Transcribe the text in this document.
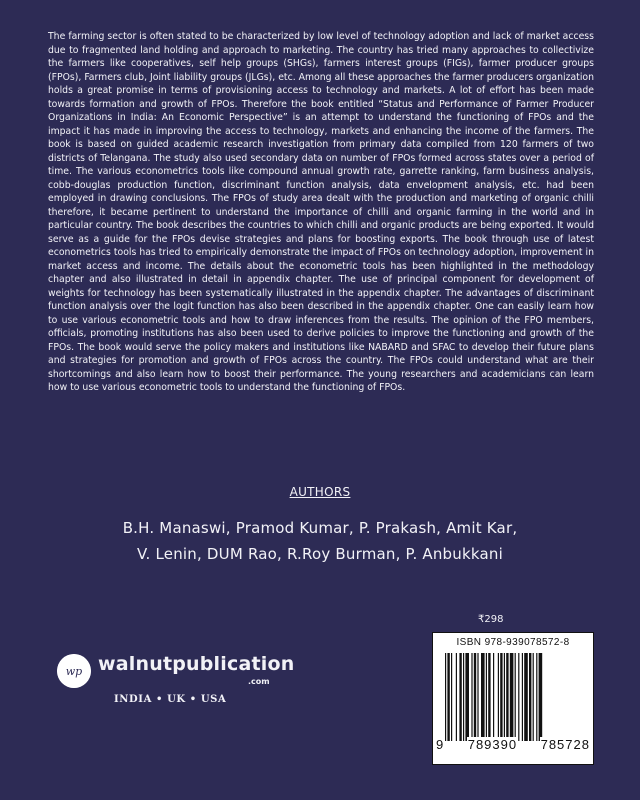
The farming sector is often stated to be characterized by low level of technology adoption and lack of market access due to fragmented land holding and approach to marketing. The country has tried many approaches to collectivize the farmers like cooperatives, self help groups (SHGs), farmers interest groups (FIGs), farmer producer groups (FPOs), Farmers club, Joint liability groups (JLGs), etc. Among all these approaches the farmer producers organization holds a great promise in terms of provisioning access to technology and markets. A lot of effort has been made towards formation and growth of FPOs. Therefore the book entitled “Status and Performance of Farmer Producer Organizations in India: An Economic Perspective” is an attempt to understand the functioning of FPOs and the impact it has made in improving the access to technology, markets and enhancing the income of the farmers. The book is based on guided academic research investigation from primary data compiled from 120 farmers of two districts of Telangana. The study also used secondary data on number of FPOs formed across states over a period of time. The various econometrics tools like compound annual growth rate, garrette ranking, farm business analysis, cobb-douglas production function, discriminant function analysis, data envelopment analysis, etc. had been employed in drawing conclusions. The FPOs of study area dealt with the production and marketing of organic chilli therefore, it became pertinent to understand the importance of chilli and organic farming in the world and in particular country. The book describes the countries to which chilli and organic products are being exported. It would serve as a guide for the FPOs devise strategies and plans for boosting exports. The book through use of latest econometrics tools has tried to empirically demonstrate the impact of FPOs on technology adoption, improvement in market access and income. The details about the econometric tools has been highlighted in the methodology chapter and also illustrated in detail in appendix chapter. The use of principal component for development of weights for technology has been systematically illustrated in the appendix chapter. The advantages of discriminant function analysis over the logit function has also been described in the appendix chapter. One can easily learn how to use various econometric tools and how to draw inferences from the results. The opinion of the FPO members, officials, promoting institutions has also been used to derive policies to improve the functioning and growth of the FPOs. The book would serve the policy makers and institutions like NABARD and SFAC to develop their future plans and strategies for promotion and growth of FPOs across the country. The FPOs could understand what are their shortcomings and also learn how to boost their performance. The young researchers and academicians can learn how to use various econometric tools to understand the functioning of FPOs.

AUTHORS
B.H. Manaswi, Pramod Kumar, P. Prakash, Amit Kar,
V. Lenin, DUM Rao, R.Roy Burman, P. Anbukkani
₹298
ISBN 978-939078572-8
9 789390 785728
wp walnutpublication
.com
INDIA • UK • USA
